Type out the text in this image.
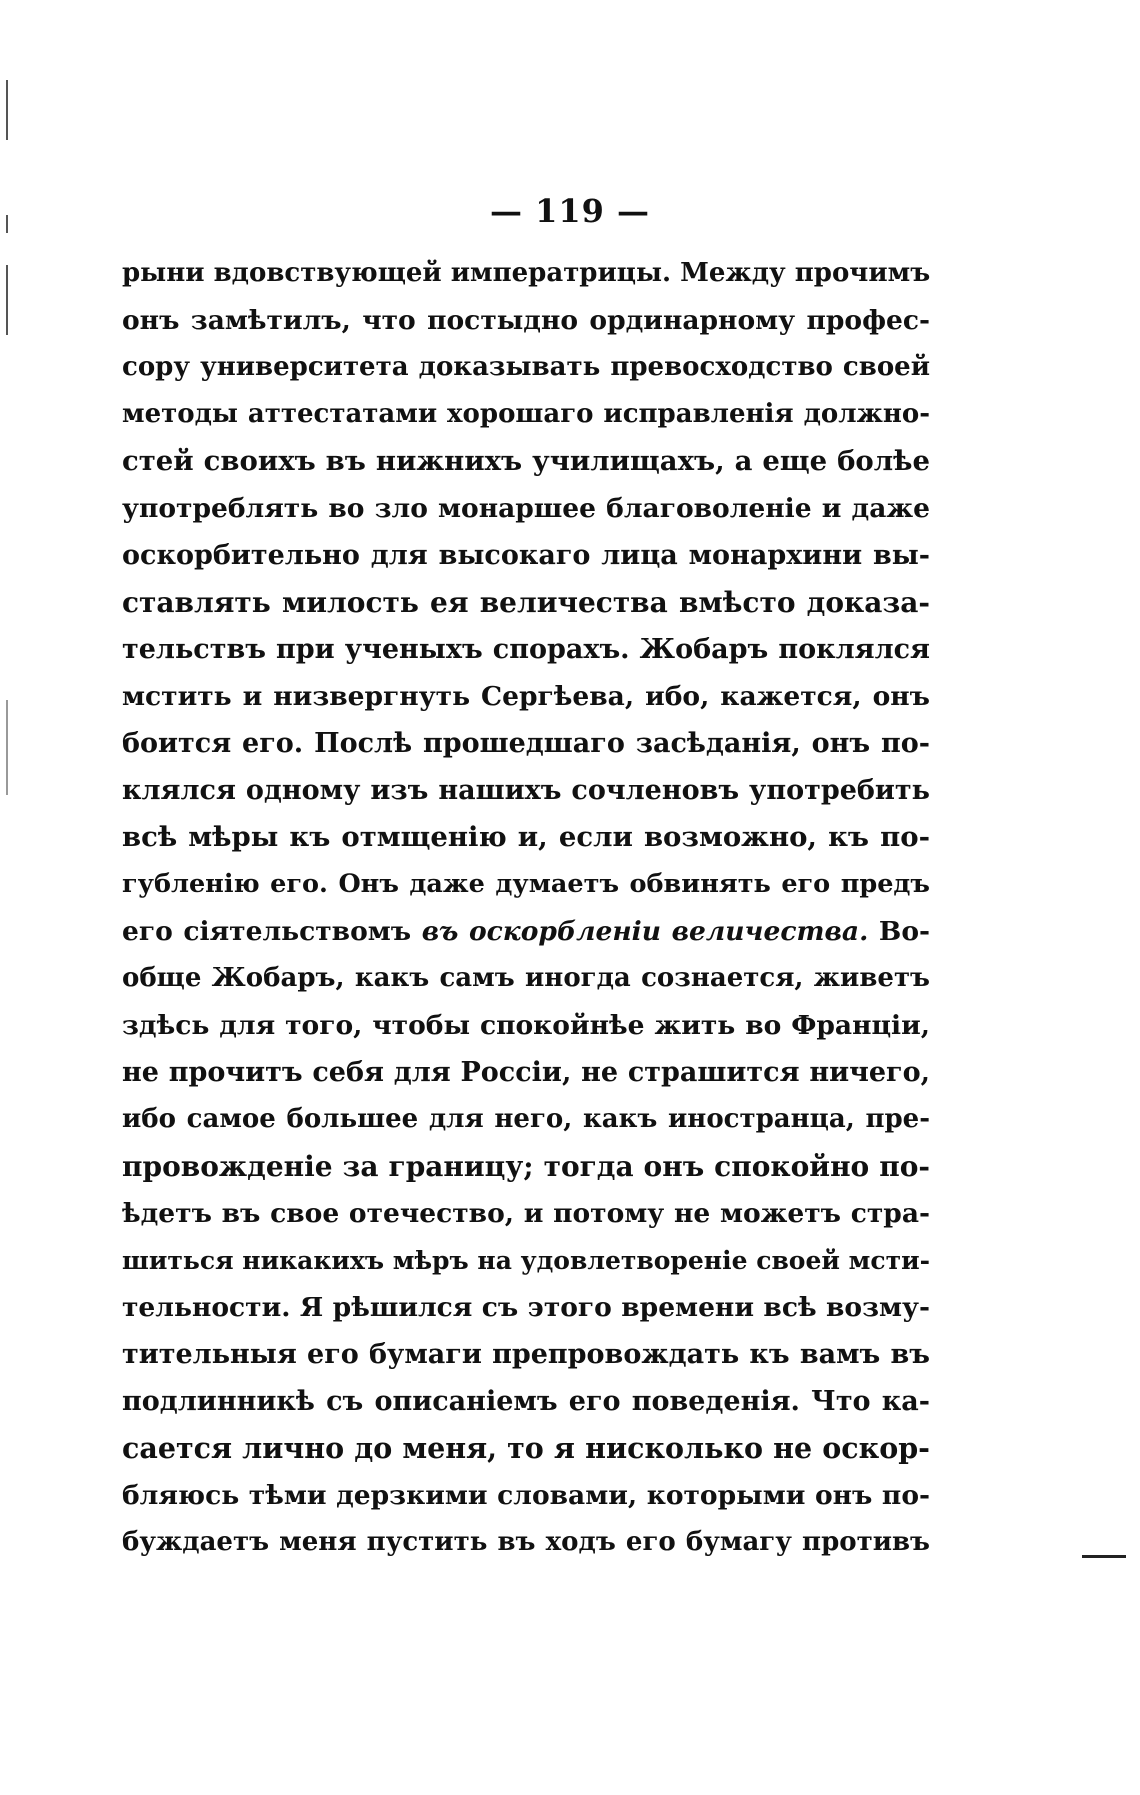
— 119 —
рыни вдовствующей императрицы. Между прочимъ
онъ замѣтилъ, что постыдно ординарному профес-
сору университета доказывать превосходство своей
методы аттестатами хорошаго исправленія должно-
стей своихъ въ нижнихъ училищахъ, а еще болѣе
употреблять во зло монаршее благоволеніе и даже
оскорбительно для высокаго лица монархини вы-
ставлять милость ея величества вмѣсто доказа-
тельствъ при ученыхъ спорахъ. Жобаръ поклялся
мстить и низвергнуть Сергѣева, ибо, кажется, онъ
боится его. Послѣ прошедшаго засѣданія, онъ по-
клялся одному изъ нашихъ сочленовъ употребить
всѣ мѣры къ отмщенію и, если возможно, къ по-
губленію его. Онъ даже думаетъ обвинять его предъ
его сіятельствомъ въ оскорбленіи величества. Во-
обще Жобаръ, какъ самъ иногда сознается, живетъ
здѣсь для того, чтобы спокойнѣе жить во Франціи,
не прочитъ себя для Россіи, не страшится ничего,
ибо самое большее для него, какъ иностранца, пре-
провожденіе за границу; тогда онъ спокойно по-
ѣдетъ въ свое отечество, и потому не можетъ стра-
шиться никакихъ мѣръ на удовлетвореніе своей мсти-
тельности. Я рѣшился съ этого времени всѣ возму-
тительныя его бумаги препровождать къ вамъ въ
подлинникѣ съ описаніемъ его поведенія. Что ка-
сается лично до меня, то я нисколько не оскор-
бляюсь тѣми дерзкими словами, которыми онъ по-
буждаетъ меня пустить въ ходъ его бумагу противъ
